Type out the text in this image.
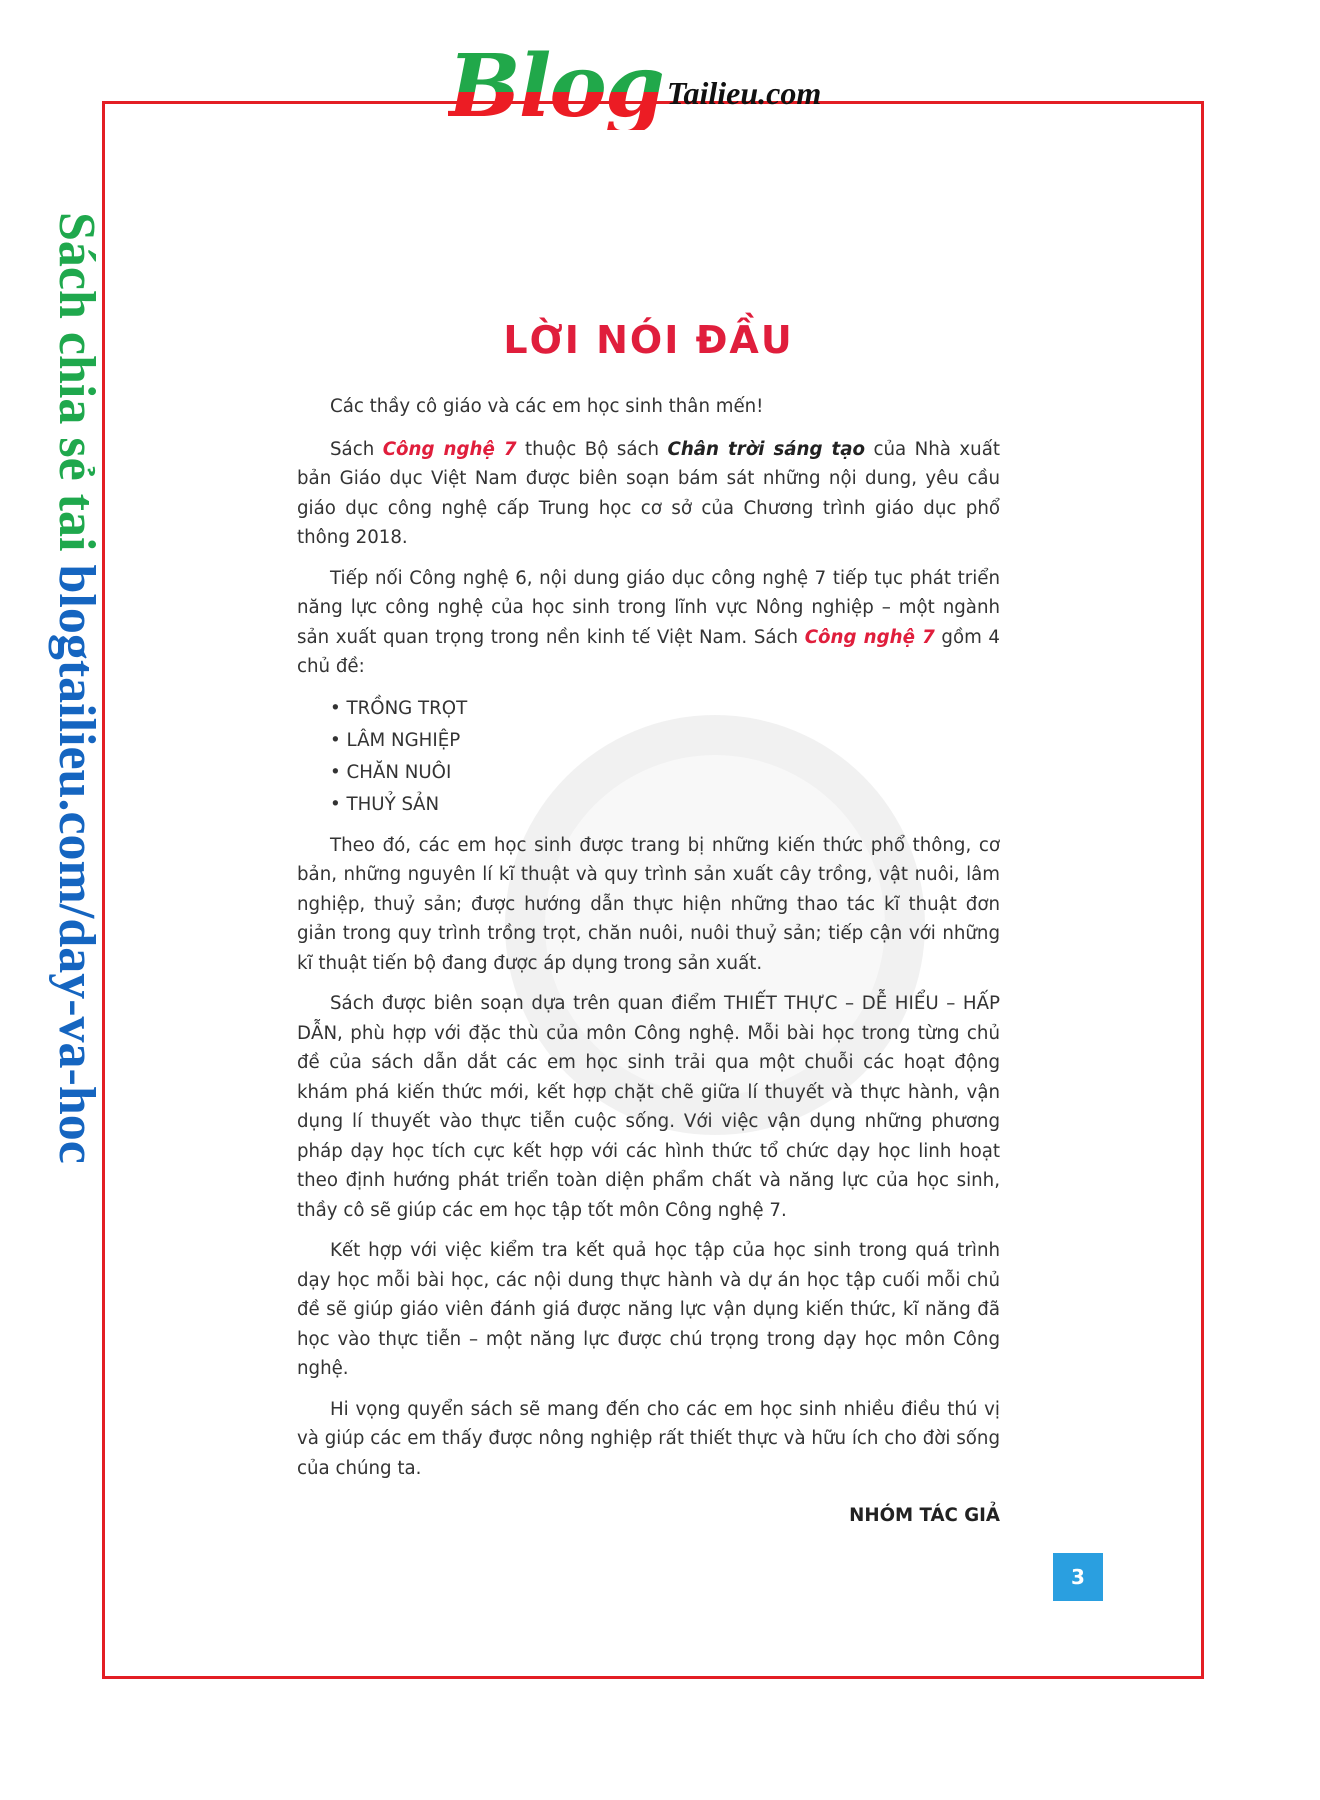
Blog Tailieu.com
Sách chia sẻ tai blogtailieu.com/day-va-hoc
LỜI NÓI ĐẦU

Các thầy cô giáo và các em học sinh thân mến!

Sách Công nghệ 7 thuộc Bộ sách Chân trời sáng tạo của Nhà xuất bản Giáo dục Việt Nam được biên soạn bám sát những nội dung, yêu cầu giáo dục công nghệ cấp Trung học cơ sở của Chương trình giáo dục phổ thông 2018.

Tiếp nối Công nghệ 6, nội dung giáo dục công nghệ 7 tiếp tục phát triển năng lực công nghệ của học sinh trong lĩnh vực Nông nghiệp – một ngành sản xuất quan trọng trong nền kinh tế Việt Nam. Sách Công nghệ 7 gồm 4 chủ đề:

• TRỒNG TRỌT
• LÂM NGHIỆP
• CHĂN NUÔI
• THUỶ SẢN

Theo đó, các em học sinh được trang bị những kiến thức phổ thông, cơ bản, những nguyên lí kĩ thuật và quy trình sản xuất cây trồng, vật nuôi, lâm nghiệp, thuỷ sản; được hướng dẫn thực hiện những thao tác kĩ thuật đơn giản trong quy trình trồng trọt, chăn nuôi, nuôi thuỷ sản; tiếp cận với những kĩ thuật tiến bộ đang được áp dụng trong sản xuất.

Sách được biên soạn dựa trên quan điểm THIẾT THỰC – DỄ HIỂU – HẤP DẪN, phù hợp với đặc thù của môn Công nghệ. Mỗi bài học trong từng chủ đề của sách dẫn dắt các em học sinh trải qua một chuỗi các hoạt động khám phá kiến thức mới, kết hợp chặt chẽ giữa lí thuyết và thực hành, vận dụng lí thuyết vào thực tiễn cuộc sống. Với việc vận dụng những phương pháp dạy học tích cực kết hợp với các hình thức tổ chức dạy học linh hoạt theo định hướng phát triển toàn diện phẩm chất và năng lực của học sinh, thầy cô sẽ giúp các em học tập tốt môn Công nghệ 7.

Kết hợp với việc kiểm tra kết quả học tập của học sinh trong quá trình dạy học mỗi bài học, các nội dung thực hành và dự án học tập cuối mỗi chủ đề sẽ giúp giáo viên đánh giá được năng lực vận dụng kiến thức, kĩ năng đã học vào thực tiễn – một năng lực được chú trọng trong dạy học môn Công nghệ.

Hi vọng quyển sách sẽ mang đến cho các em học sinh nhiều điều thú vị và giúp các em thấy được nông nghiệp rất thiết thực và hữu ích cho đời sống của chúng ta.

NHÓM TÁC GIẢ
3
